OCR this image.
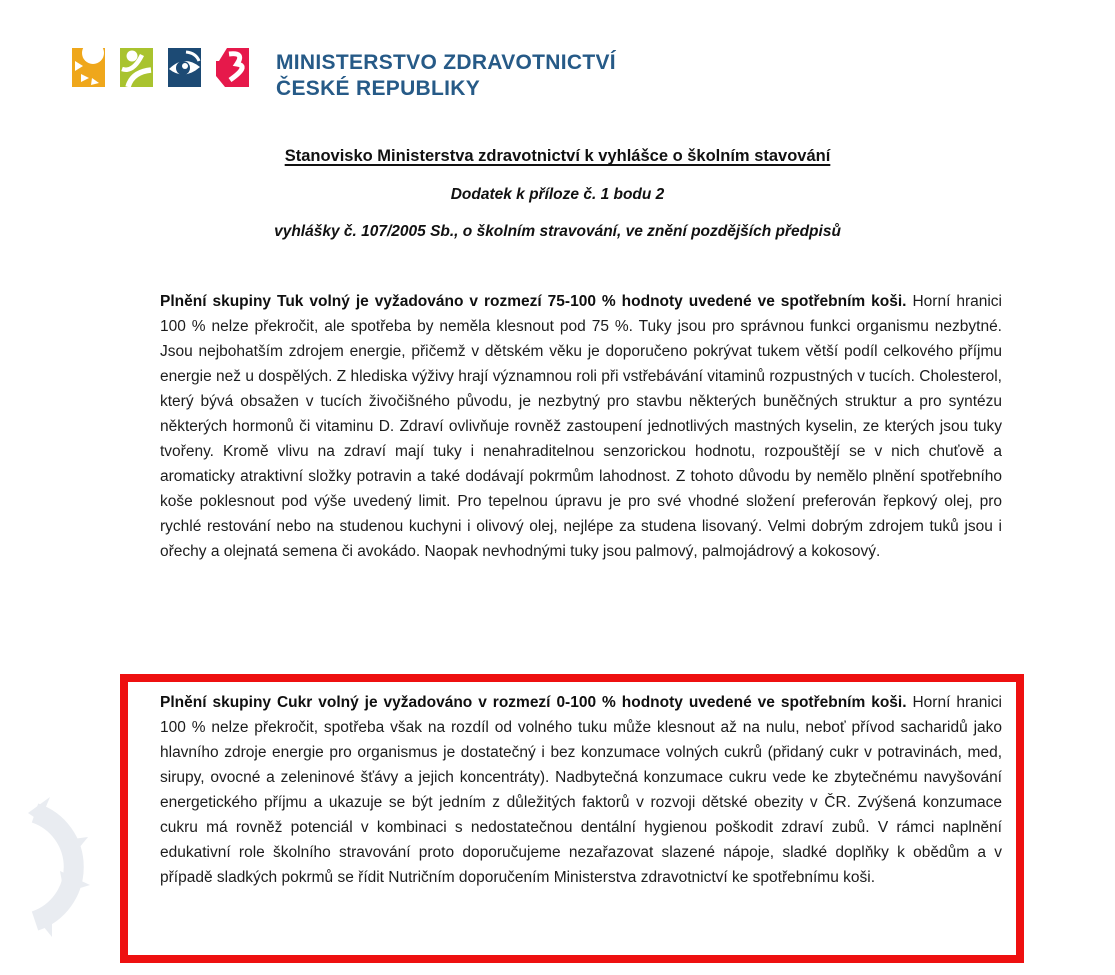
MINISTERSTVO ZDRAVOTNICTVÍ
ČESKÉ REPUBLIKY
Stanovisko Ministerstva zdravotnictví k vyhlášce o školním stavování
Dodatek k příloze č. 1 bodu 2
vyhlášky č. 107/2005 Sb., o školním stravování, ve znění pozdějších předpisů

Plnění skupiny Tuk volný je vyžadováno v rozmezí 75-100 % hodnoty uvedené ve spotřebním koši. Horní hranici 100 % nelze překročit, ale spotřeba by neměla klesnout pod 75 %. Tuky jsou pro správnou funkci organismu nezbytné. Jsou nejbohatším zdrojem energie, přičemž v dětském věku je doporučeno pokrývat tukem větší podíl celkového příjmu energie než u dospělých. Z hlediska výživy hrají významnou roli při vstřebávání vitaminů rozpustných v tucích. Cholesterol, který bývá obsažen v tucích živočišného původu, je nezbytný pro stavbu některých buněčných struktur a pro syntézu některých hormonů či vitaminu D. Zdraví ovlivňuje rovněž zastoupení jednotlivých mastných kyselin, ze kterých jsou tuky tvořeny. Kromě vlivu na zdraví mají tuky i nenahraditelnou senzorickou hodnotu, rozpouštějí se v nich chuťově a aromaticky atraktivní složky potravin a také dodávají pokrmům lahodnost. Z tohoto důvodu by nemělo plnění spotřebního koše poklesnout pod výše uvedený limit. Pro tepelnou úpravu je pro své vhodné složení preferován řepkový olej, pro rychlé restování nebo na studenou kuchyni i olivový olej, nejlépe za studena lisovaný. Velmi dobrým zdrojem tuků jsou i ořechy a olejnatá semena či avokádo. Naopak nevhodnými tuky jsou palmový, palmojádrový a kokosový.

Plnění skupiny Cukr volný je vyžadováno v rozmezí 0-100 % hodnoty uvedené ve spotřebním koši. Horní hranici 100 % nelze překročit, spotřeba však na rozdíl od volného tuku může klesnout až na nulu, neboť přívod sacharidů jako hlavního zdroje energie pro organismus je dostatečný i bez konzumace volných cukrů (přidaný cukr v potravinách, med, sirupy, ovocné a zeleninové šťávy a jejich koncentráty). Nadbytečná konzumace cukru vede ke zbytečnému navyšování energetického příjmu a ukazuje se být jedním z důležitých faktorů v rozvoji dětské obezity v ČR. Zvýšená konzumace cukru má rovněž potenciál v kombinaci s nedostatečnou dentální hygienou poškodit zdraví zubů. V rámci naplnění edukativní role školního stravování proto doporučujeme nezařazovat slazené nápoje, sladké doplňky k obědům a v případě sladkých pokrmů se řídit Nutričním doporučením Ministerstva zdravotnictví ke spotřebnímu koši.
